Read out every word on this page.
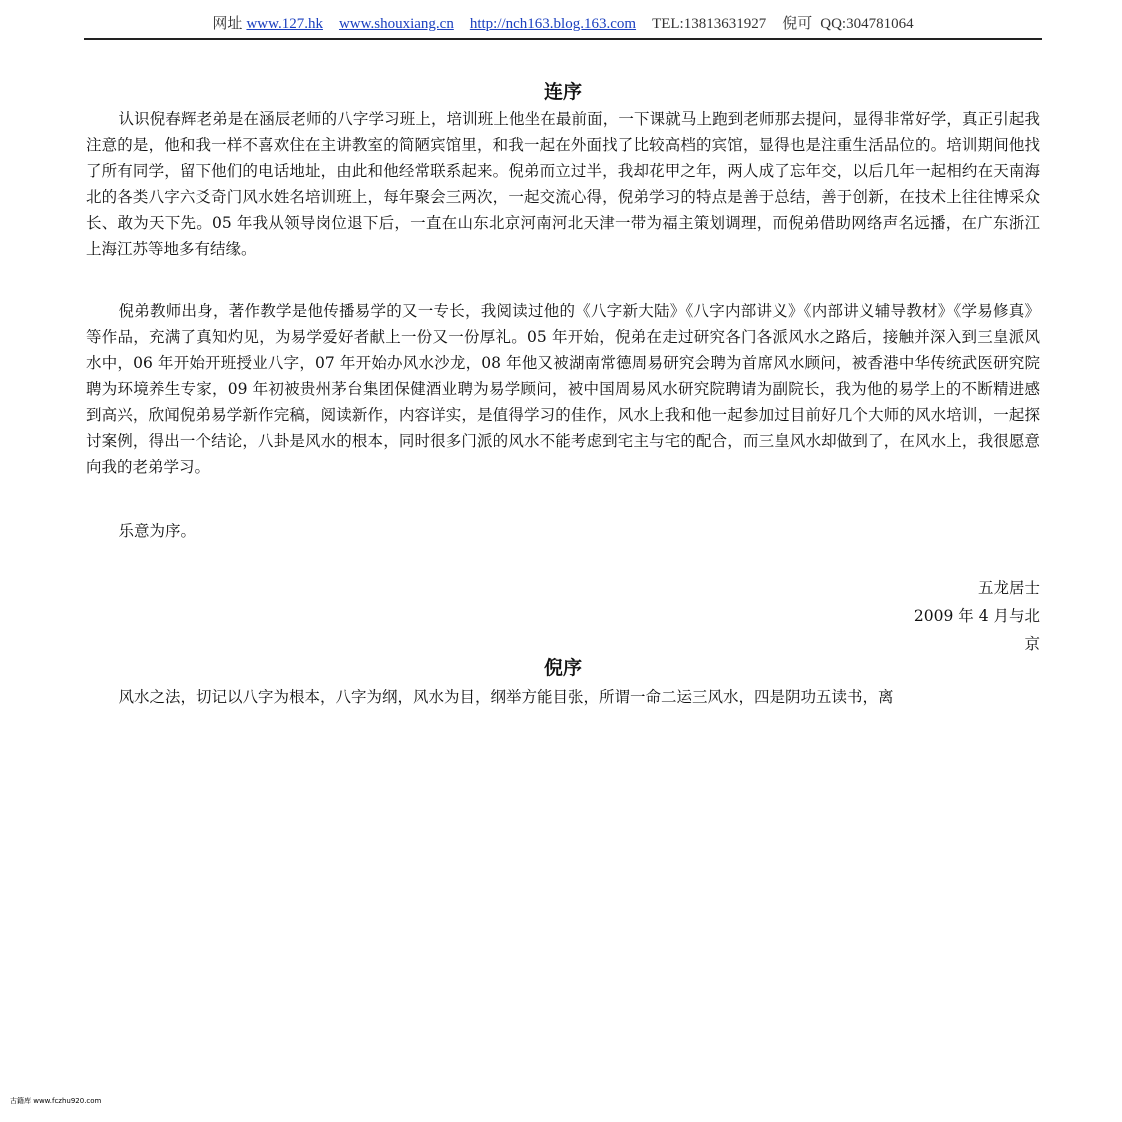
网址 www.127.hk www.shouxiang.cn http://nch163.blog.163.com TEL:13813631927 倪可 QQ:304781064
连序

认识倪春辉老弟是在涵辰老师的八字学习班上，培训班上他坐在最前面，一下课就马上跑到老师那去提问，显得非常好学，真正引起我注意的是，他和我一样不喜欢住在主讲教室的简陋宾馆里，和我一起在外面找了比较高档的宾馆，显得也是注重生活品位的。培训期间他找了所有同学，留下他们的电话地址，由此和他经常联系起来。倪弟而立过半，我却花甲之年，两人成了忘年交，以后几年一起相约在天南海北的各类八字六爻奇门风水姓名培训班上，每年聚会三两次，一起交流心得，倪弟学习的特点是善于总结，善于创新，在技术上往往博采众长、敢为天下先。05 年我从领导岗位退下后，一直在山东北京河南河北天津一带为福主策划调理，而倪弟借助网络声名远播，在广东浙江上海江苏等地多有结缘。

倪弟教师出身，著作教学是他传播易学的又一专长，我阅读过他的《八字新大陆》《八字内部讲义》《内部讲义辅导教材》《学易修真》等作品，充满了真知灼见，为易学爱好者献上一份又一份厚礼。05 年开始，倪弟在走过研究各门各派风水之路后，接触并深入到三皇派风水中，06 年开始开班授业八字，07 年开始办风水沙龙，08 年他又被湖南常德周易研究会聘为首席风水顾问，被香港中华传统武医研究院聘为环境养生专家，09 年初被贵州茅台集团保健酒业聘为易学顾问，被中国周易风水研究院聘请为副院长，我为他的易学上的不断精进感到高兴，欣闻倪弟易学新作完稿，阅读新作，内容详实，是值得学习的佳作，风水上我和他一起参加过目前好几个大师的风水培训，一起探讨案例，得出一个结论，八卦是风水的根本，同时很多门派的风水不能考虑到宅主与宅的配合，而三皇风水却做到了，在风水上，我很愿意向我的老弟学习。

乐意为序。

五龙居士
2009 年 4 月与北
京
倪序

风水之法，切记以八字为根本，八字为纲，风水为目，纲举方能目张，所谓一命二运三风水，四是阴功五读书，离

古籍库 www.fczhu920.com
